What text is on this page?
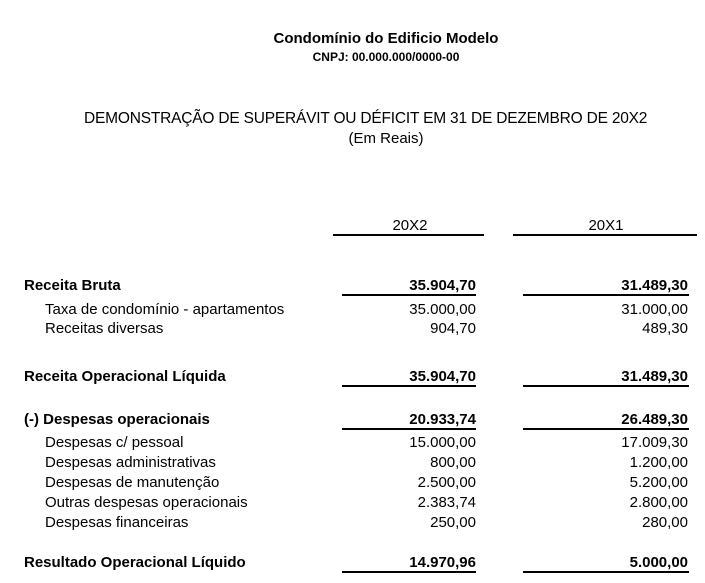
Condomínio do Edificio Modelo
CNPJ: 00.000.000/0000-00
DEMONSTRAÇÃO DE SUPERÁVIT OU DÉFICIT EM 31 DE DEZEMBRO DE 20X2
(Em Reais)
20X2	20X1
Receita Bruta	35.904,70	31.489,30
Taxa de condomínio - apartamentos	35.000,00	31.000,00
Receitas diversas	904,70	489,30
Receita Operacional Líquida	35.904,70	31.489,30
(-) Despesas operacionais	20.933,74	26.489,30
Despesas c/ pessoal	15.000,00	17.009,30
Despesas administrativas	800,00	1.200,00
Despesas de manutenção	2.500,00	5.200,00
Outras despesas operacionais	2.383,74	2.800,00
Despesas financeiras	250,00	280,00
Resultado Operacional Líquido	14.970,96	5.000,00
